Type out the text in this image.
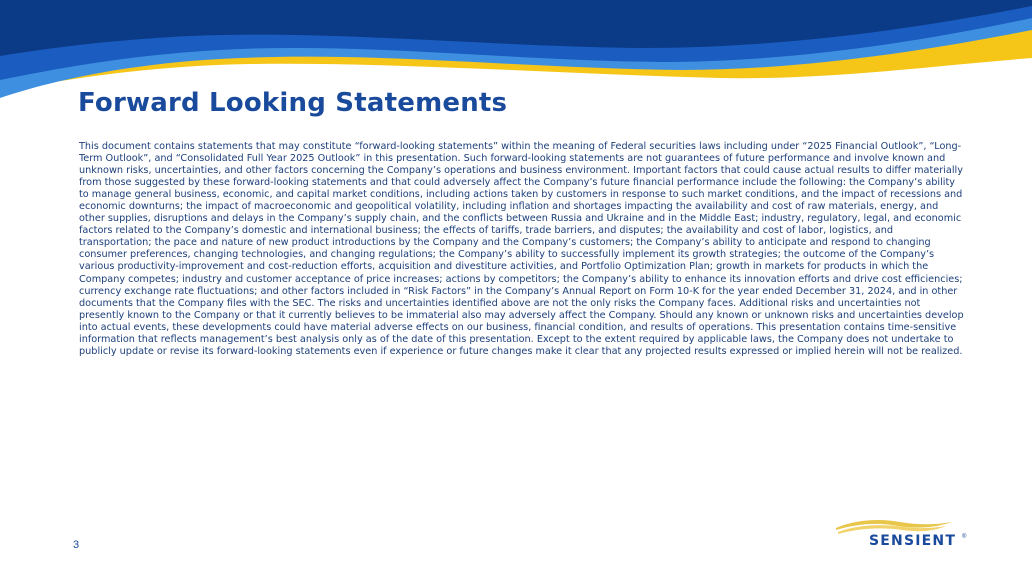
Forward Looking Statements

This document contains statements that may constitute “forward-looking statements” within the meaning of Federal securities laws including under “2025 Financial Outlook”, “Long-Term Outlook”, and “Consolidated Full Year 2025 Outlook” in this presentation. Such forward-looking statements are not guarantees of future performance and involve known and unknown risks, uncertainties, and other factors concerning the Company’s operations and business environment. Important factors that could cause actual results to differ materially from those suggested by these forward-looking statements and that could adversely affect the Company’s future financial performance include the following: the Company’s ability to manage general business, economic, and capital market conditions, including actions taken by customers in response to such market conditions, and the impact of recessions and economic downturns; the impact of macroeconomic and geopolitical volatility, including inflation and shortages impacting the availability and cost of raw materials, energy, and other supplies, disruptions and delays in the Company’s supply chain, and the conflicts between Russia and Ukraine and in the Middle East; industry, regulatory, legal, and economic factors related to the Company’s domestic and international business; the effects of tariffs, trade barriers, and disputes; the availability and cost of labor, logistics, and transportation; the pace and nature of new product introductions by the Company and the Company’s customers; the Company’s ability to anticipate and respond to changing consumer preferences, changing technologies, and changing regulations; the Company’s ability to successfully implement its growth strategies; the outcome of the Company’s various productivity-improvement and cost-reduction efforts, acquisition and divestiture activities, and Portfolio Optimization Plan; growth in markets for products in which the Company competes; industry and customer acceptance of price increases; actions by competitors; the Company’s ability to enhance its innovation efforts and drive cost efficiencies; currency exchange rate fluctuations; and other factors included in “Risk Factors” in the Company’s Annual Report on Form 10-K for the year ended December 31, 2024, and in other documents that the Company files with the SEC. The risks and uncertainties identified above are not the only risks the Company faces. Additional risks and uncertainties not presently known to the Company or that it currently believes to be immaterial also may adversely affect the Company. Should any known or unknown risks and uncertainties develop into actual events, these developments could have material adverse effects on our business, financial condition, and results of operations. This presentation contains time-sensitive information that reflects management’s best analysis only as of the date of this presentation. Except to the extent required by applicable laws, the Company does not undertake to publicly update or revise its forward-looking statements even if experience or future changes make it clear that any projected results expressed or implied herein will not be realized.

3	SENSIENT ®
